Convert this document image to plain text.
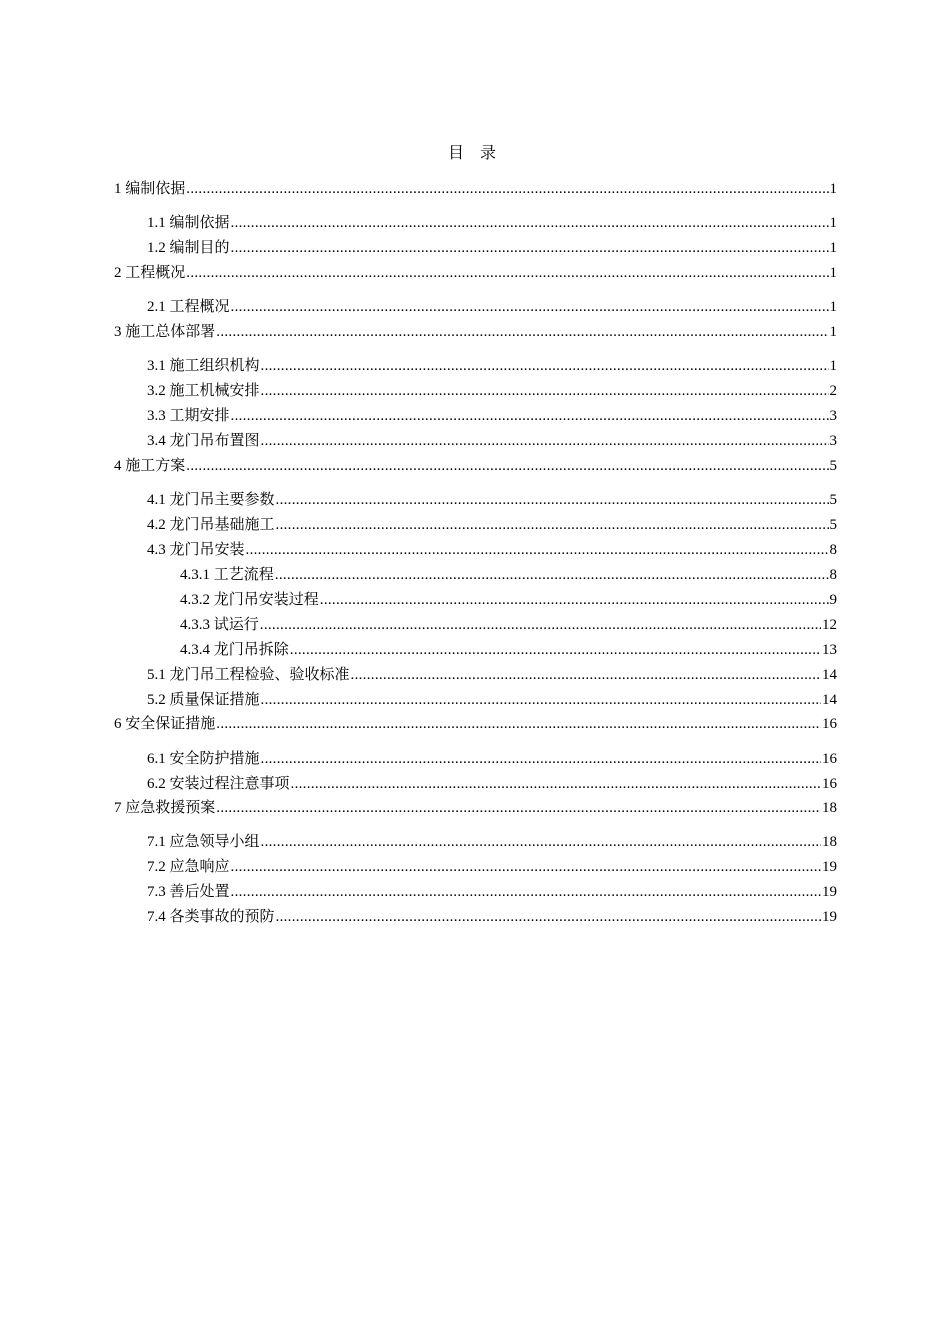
目 录
1 编制依据 .....	1
1.1 编制依据 .....	1
1.2 编制目的 .....	1
2 工程概况 .....	1
2.1 工程概况 .....	1
3 施工总体部署 .....	1
3.1 施工组织机构 .....	1
3.2 施工机械安排 .....	2
3.3 工期安排 .....	3
3.4 龙门吊布置图 .....	3
4 施工方案 .....	5
4.1 龙门吊主要参数 .....	5
4.2 龙门吊基础施工 .....	5
4.3 龙门吊安装 .....	8
4.3.1 工艺流程 .....	8
4.3.2 龙门吊安装过程 .....	9
4.3.3 试运行 .....	12
4.3.4 龙门吊拆除 .....	13
5.1 龙门吊工程检验、验收标准 .....	14
5.2 质量保证措施 .....	14
6 安全保证措施 .....	16
6.1 安全防护措施 .....	16
6.2 安装过程注意事项 .....	16
7 应急救援预案 .....	18
7.1 应急领导小组 .....	18
7.2 应急响应 .....	19
7.3 善后处置 .....	19
7.4 各类事故的预防 .....	19
